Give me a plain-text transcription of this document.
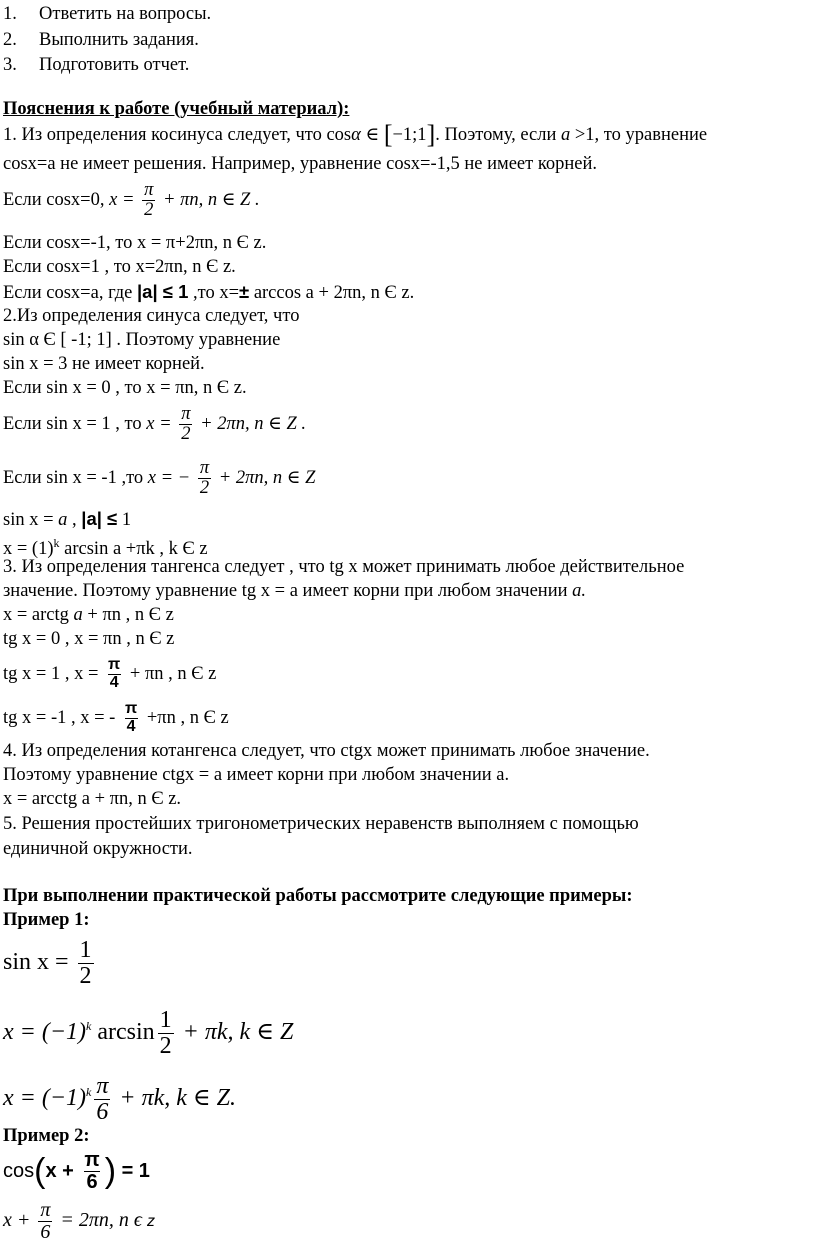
1. Ответить на вопросы.
2. Выполнить задания.
3. Подготовить отчет.
Пояснения к работе (учебный материал):
1. Из определения косинуса следует, что cosα ∈ [−1;1]. Поэтому, если a >1, то уравнение
cosx=a не имеет решения. Например, уравнение cosx=-1,5 не имеет корней.
Если cosx=0, $x = \frac{\pi}{2} + \pi n$, n ∈ Z .
Если cosx=-1, то x = π+2πn, n Є z.
Если cosx=1 , то x=2πn, n Є z.
Если cosx=a, где |a| ≤ 1 ,то x=± arccos a + 2πn, n Є z.
2.Из определения синуса следует, что
sin α Є [ -1; 1] . Поэтому уравнение
sin x = 3 не имеет корней.
Если sin x = 0 , то x = πn, n Є z.
Если sin x = 1 , то $x = \frac{\pi}{2} + 2\pi n$, n ∈ Z .
Если sin x = -1 ,то x = − $\frac{\pi}{2} + 2\pi n$, n ∈ Z
sin x = a , |a| ≤ 1
$x = (1)^k$ arcsin a +πk , k Є z
3. Из определения тангенса следует , что tg x может принимать любое действительное
значение. Поэтому уравнение tg x = a имеет корни при любом значении a.
x = arctg a + πn , n Є z
tg x = 0 , x = πn , n Є z
tg x = 1 , $x = \frac{\pi}{4} + \pi n$ , n Є z
tg x = -1 , x = - $\frac{\pi}{4} +\pi n$ , n Є z
4. Из определения котангенса следует, что ctgx может принимать любое значение.
Поэтому уравнение ctgx = a имеет корни при любом значении a.
x = arcctg a + πn, n Є z.
5. Решения простейших тригонометрических неравенств выполняем с помощью
единичной окружности.
При выполнении практической работы рассмотрите следующие примеры:
Пример 1:
$\sin x = \frac{1}{2}$
$x = (-1)^k$ $\arcsin \frac{1}{2} + \pi k$, k ∈ Z
$x = (-1)^k \frac{\pi}{6} + \pi k$, k ∈ Z.
Пример 2:
$\cos(x + \frac{\pi}{6}$ ) = 1
$x + \frac{\pi}{6} = 2\pi n$, n ϵ z
